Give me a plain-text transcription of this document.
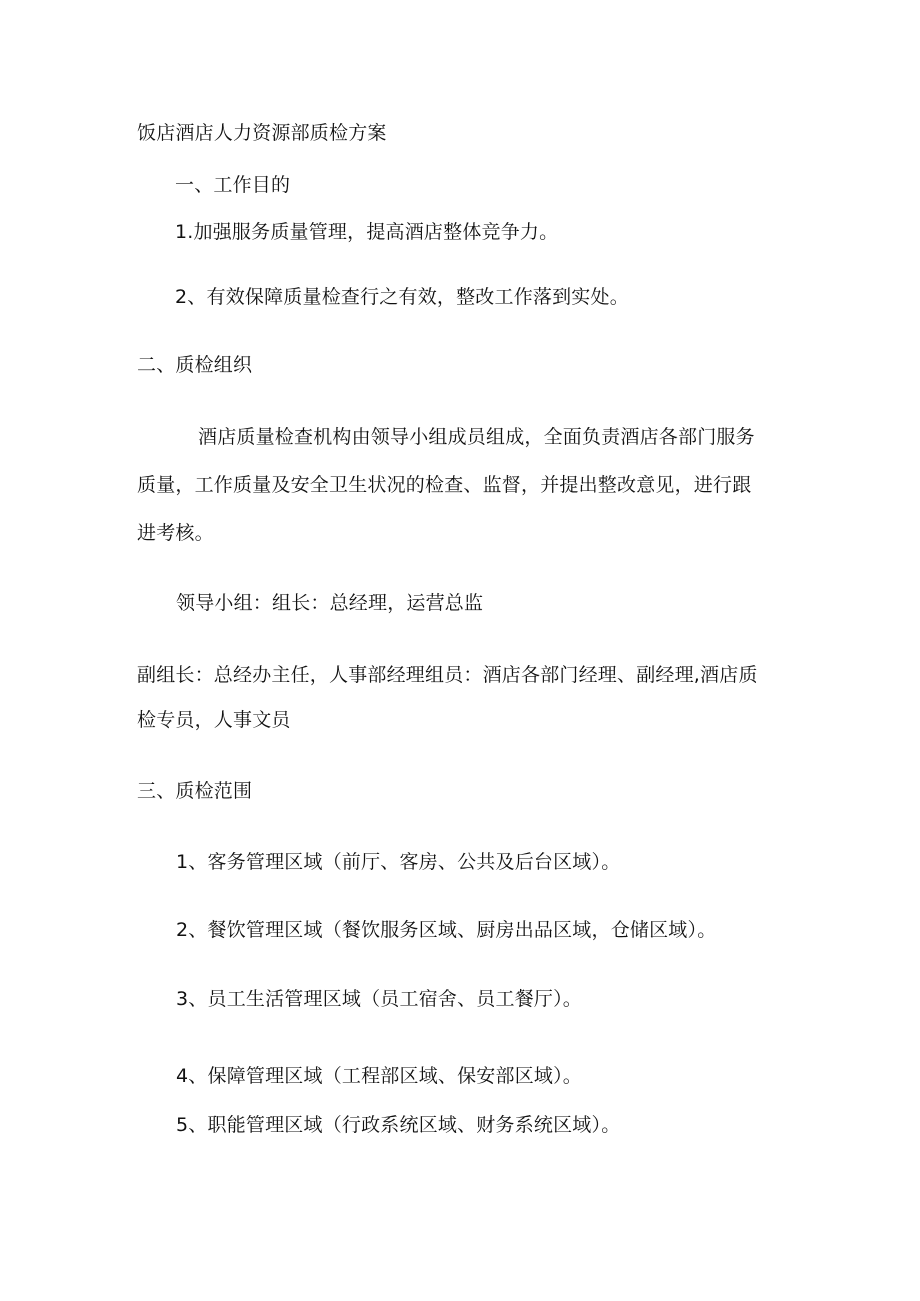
饭店酒店人力资源部质检方案
一、工作目的
1.加强服务质量管理，提高酒店整体竞争力。
2、有效保障质量检查行之有效，整改工作落到实处。
二、质检组织
酒店质量检查机构由领导小组成员组成，全面负责酒店各部门服务
质量，工作质量及安全卫生状况的检查、监督，并提出整改意见，进行跟
进考核。
领导小组：组长：总经理，运营总监
副组长：总经办主任，人事部经理组员：酒店各部门经理、副经理,酒店质
检专员，人事文员
三、质检范围
1、客务管理区域（前厅、客房、公共及后台区域）。
2、餐饮管理区域（餐饮服务区域、厨房出品区域，仓储区域）。
3、员工生活管理区域（员工宿舍、员工餐厅）。
4、保障管理区域（工程部区域、保安部区域）。
5、职能管理区域（行政系统区域、财务系统区域）。
